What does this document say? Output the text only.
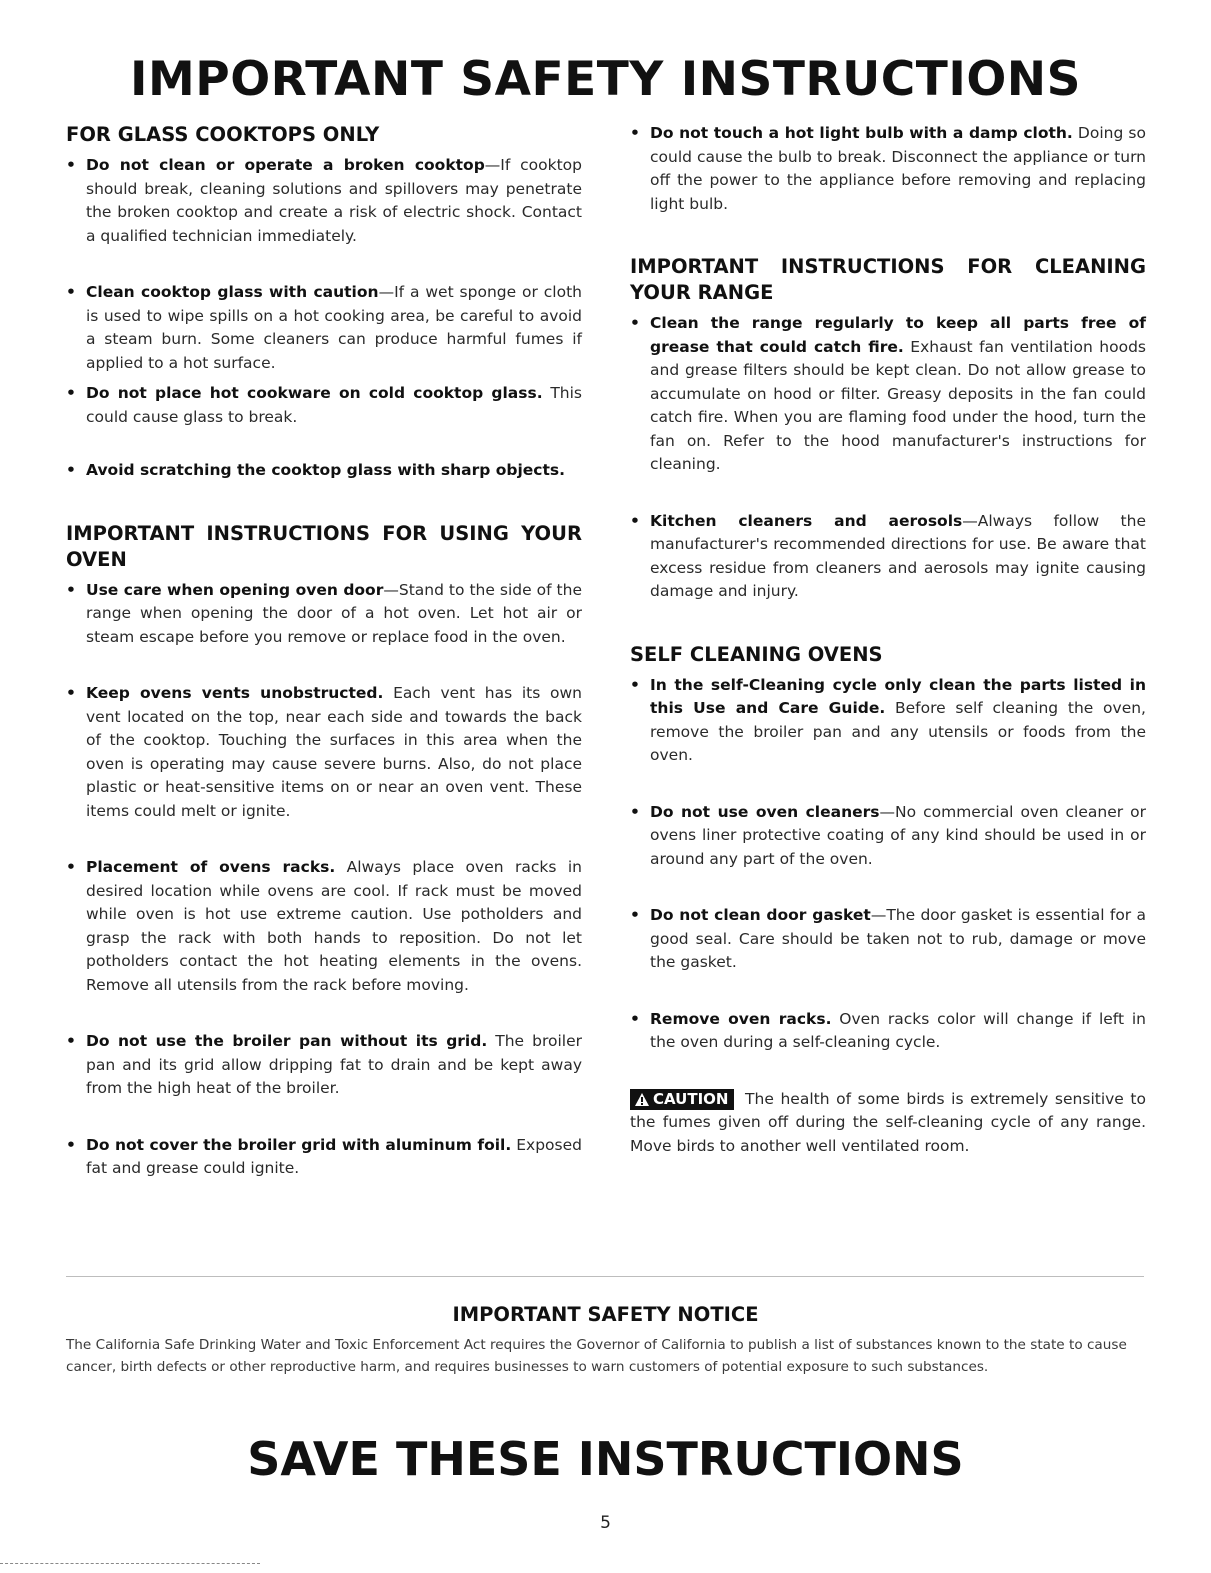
IMPORTANT SAFETY INSTRUCTIONS
FOR GLASS COOKTOPS ONLY
• Do not clean or operate a broken cooktop—If cooktop should break, cleaning solutions and spillovers may penetrate the broken cooktop and create a risk of electric shock. Contact a qualified technician immediately.
• Clean cooktop glass with caution—If a wet sponge or cloth is used to wipe spills on a hot cooking area, be careful to avoid a steam burn. Some cleaners can produce harmful fumes if applied to a hot surface.
• Do not place hot cookware on cold cooktop glass. This could cause glass to break.
• Avoid scratching the cooktop glass with sharp objects.
IMPORTANT INSTRUCTIONS FOR USING YOUR OVEN
• Use care when opening oven door—Stand to the side of the range when opening the door of a hot oven. Let hot air or steam escape before you remove or replace food in the oven.
• Keep ovens vents unobstructed. Each vent has its own vent located on the top, near each side and towards the back of the cooktop. Touching the surfaces in this area when the oven is operating may cause severe burns. Also, do not place plastic or heat-sensitive items on or near an oven vent. These items could melt or ignite.
• Placement of ovens racks. Always place oven racks in desired location while ovens are cool. If rack must be moved while oven is hot use extreme caution. Use potholders and grasp the rack with both hands to reposition. Do not let potholders contact the hot heating elements in the ovens. Remove all utensils from the rack before moving.
• Do not use the broiler pan without its grid. The broiler pan and its grid allow dripping fat to drain and be kept away from the high heat of the broiler.
• Do not cover the broiler grid with aluminum foil. Exposed fat and grease could ignite.
• Do not touch a hot light bulb with a damp cloth. Doing so could cause the bulb to break. Disconnect the appliance or turn off the power to the appliance before removing and replacing light bulb.
IMPORTANT INSTRUCTIONS FOR CLEANING YOUR RANGE
• Clean the range regularly to keep all parts free of grease that could catch fire. Exhaust fan ventilation hoods and grease filters should be kept clean. Do not allow grease to accumulate on hood or filter. Greasy deposits in the fan could catch fire. When you are flaming food under the hood, turn the fan on. Refer to the hood manufacturer's instructions for cleaning.
• Kitchen cleaners and aerosols—Always follow the manufacturer's recommended directions for use. Be aware that excess residue from cleaners and aerosols may ignite causing damage and injury.
SELF CLEANING OVENS
• In the self-Cleaning cycle only clean the parts listed in this Use and Care Guide. Before self cleaning the oven, remove the broiler pan and any utensils or foods from the oven.
• Do not use oven cleaners—No commercial oven cleaner or ovens liner protective coating of any kind should be used in or around any part of the oven.
• Do not clean door gasket—The door gasket is essential for a good seal. Care should be taken not to rub, damage or move the gasket.
• Remove oven racks. Oven racks color will change if left in the oven during a self-cleaning cycle.
CAUTION The health of some birds is extremely sensitive to the fumes given off during the self-cleaning cycle of any range. Move birds to another well ventilated room.
IMPORTANT SAFETY NOTICE
The California Safe Drinking Water and Toxic Enforcement Act requires the Governor of California to publish a list of substances known to the state to cause cancer, birth defects or other reproductive harm, and requires businesses to warn customers of potential exposure to such substances.
SAVE THESE INSTRUCTIONS
5
